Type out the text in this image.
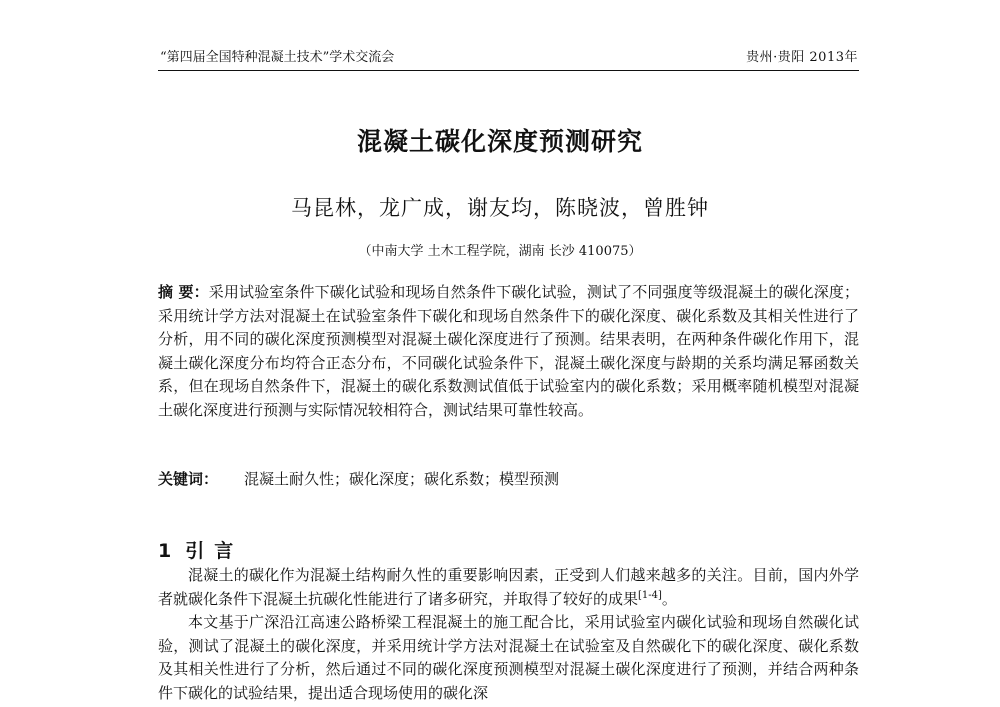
“第四届全国特种混凝土技术”学术交流会	贵州·贵阳 2013年
混凝土碳化深度预测研究
马昆林，龙广成，谢友均，陈晓波，曾胜钟
（中南大学 土木工程学院，湖南 长沙 410075）
摘 要：采用试验室条件下碳化试验和现场自然条件下碳化试验，测试了不同强度等级混凝土的碳化深度；采用统计学方法对混凝土在试验室条件下碳化和现场自然条件下的碳化深度、碳化系数及其相关性进行了分析，用不同的碳化深度预测模型对混凝土碳化深度进行了预测。结果表明，在两种条件碳化作用下，混凝土碳化深度分布均符合正态分布，不同碳化试验条件下，混凝土碳化深度与龄期的关系均满足幂函数关系，但在现场自然条件下，混凝土的碳化系数测试值低于试验室内的碳化系数；采用概率随机模型对混凝土碳化深度进行预测与实际情况较相符合，测试结果可靠性较高。
关键词： 混凝土耐久性；碳化深度；碳化系数；模型预测
1 引言

混凝土的碳化作为混凝土结构耐久性的重要影响因素，正受到人们越来越多的关注。目前，国内外学者就碳化条件下混凝土抗碳化性能进行了诸多研究，并取得了较好的成果[1-4]。

本文基于广深沿江高速公路桥梁工程混凝土的施工配合比，采用试验室内碳化试验和现场自然碳化试验，测试了混凝土的碳化深度，并采用统计学方法对混凝土在试验室及自然碳化下的碳化深度、碳化系数及其相关性进行了分析，然后通过不同的碳化深度预测模型对混凝土碳化深度进行了预测，并结合两种条件下碳化的试验结果，提出适合现场使用的碳化深
